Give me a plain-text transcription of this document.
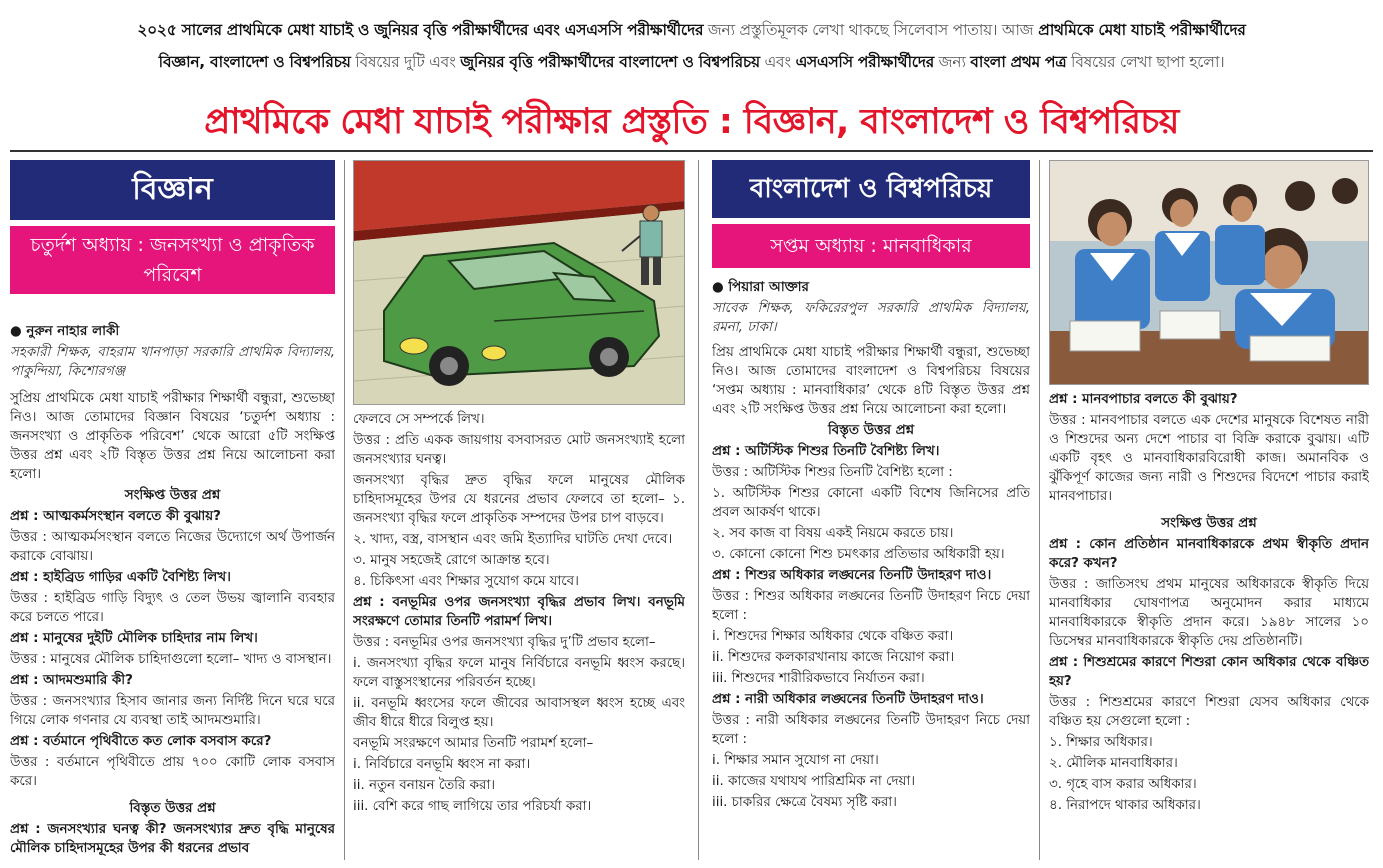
২০২৫ সালের প্রাথমিকে মেধা যাচাই ও জুনিয়র বৃত্তি পরীক্ষার্থীদের এবং এসএসসি পরীক্ষার্থীদের জন্য প্রস্তুতিমূলক লেখা থাকছে সিলেবাস পাতায়। আজ প্রাথমিকে মেধা যাচাই পরীক্ষার্থীদের
বিজ্ঞান, বাংলাদেশ ও বিশ্বপরিচয় বিষয়ের দুটি এবং জুনিয়র বৃত্তি পরীক্ষার্থীদের বাংলাদেশ ও বিশ্বপরিচয় এবং এসএসসি পরীক্ষার্থীদের জন্য বাংলা প্রথম পত্র বিষয়ের লেখা ছাপা হলো।
প্রাথমিকে মেধা যাচাই পরীক্ষার প্রস্তুতি : বিজ্ঞান, বাংলাদেশ ও বিশ্বপরিচয়
বিজ্ঞান
চতুর্দশ অধ্যায় : জনসংখ্যা ও প্রাকৃতিক পরিবেশ

● নুরুন নাহার লাকী

সহকারী শিক্ষক, বাহরাম খানপাড়া সরকারি প্রাথমিক বিদ্যালয়, পাকুন্দিয়া, কিশোরগঞ্জ

সুপ্রিয় প্রাথমিকে মেধা যাচাই পরীক্ষার শিক্ষার্থী বন্ধুরা, শুভেচ্ছা নিও। আজ তোমাদের বিজ্ঞান বিষয়ের ‘চতুর্দশ অধ্যায় : জনসংখ্যা ও প্রাকৃতিক পরিবেশ’ থেকে আরো ৫টি সংক্ষিপ্ত উত্তর প্রশ্ন এবং ২টি বিস্তৃত উত্তর প্রশ্ন নিয়ে আলোচনা করা হলো।

সংক্ষিপ্ত উত্তর প্রশ্ন

প্রশ্ন : আত্মকর্মসংস্থান বলতে কী বুঝায়?

উত্তর : আত্মকর্মসংস্থান বলতে নিজের উদ্যোগে অর্থ উপার্জন করাকে বোঝায়।

প্রশ্ন : হাইব্রিড গাড়ির একটি বৈশিষ্ট্য লিখ।

উত্তর : হাইব্রিড গাড়ি বিদ্যুৎ ও তেল উভয় জ্বালানি ব্যবহার করে চলতে পারে।

প্রশ্ন : মানুষের দুইটি মৌলিক চাহিদার নাম লিখ।

উত্তর : মানুষের মৌলিক চাহিদাগুলো হলো– খাদ্য ও বাসস্থান।

প্রশ্ন : আদমশুমারি কী?

উত্তর : জনসংখ্যার হিসাব জানার জন্য নির্দিষ্ট দিনে ঘরে ঘরে গিয়ে লোক গণনার যে ব্যবস্থা তাই আদমশুমারি।

প্রশ্ন : বর্তমানে পৃথিবীতে কত লোক বসবাস করে?

উত্তর : বর্তমানে পৃথিবীতে প্রায় ৭০০ কোটি লোক বসবাস করে।

বিস্তৃত উত্তর প্রশ্ন

প্রশ্ন : জনসংখ্যার ঘনত্ব কী? জনসংখ্যার দ্রুত বৃদ্ধি মানুষের মৌলিক চাহিদাসমূহের উপর কী ধরনের প্রভাব

ফেলবে সে সম্পর্কে লিখ।

উত্তর : প্রতি একক জায়গায় বসবাসরত মোট জনসংখ্যাই হলো জনসংখ্যার ঘনত্ব।

জনসংখ্যা বৃদ্ধির দ্রুত বৃদ্ধির ফলে মানুষের মৌলিক চাহিদাসমূহের উপর যে ধরনের প্রভাব ফেলবে তা হলো– ১. জনসংখ্যা বৃদ্ধির ফলে প্রাকৃতিক সম্পদের উপর চাপ বাড়বে।

২. খাদ্য, বস্ত্র, বাসস্থান এবং জমি ইত্যাদির ঘাটতি দেখা দেবে।

৩. মানুষ সহজেই রোগে আক্রান্ত হবে।

৪. চিকিৎসা এবং শিক্ষার সুযোগ কমে যাবে।

প্রশ্ন : বনভূমির ওপর জনসংখ্যা বৃদ্ধির প্রভাব লিখ। বনভূমি সংরক্ষণে তোমার তিনটি পরামর্শ লিখ।

উত্তর : বনভূমির ওপর জনসংখ্যা বৃদ্ধির দু’টি প্রভাব হলো–

i. জনসংখ্যা বৃদ্ধির ফলে মানুষ নির্বিচারে বনভূমি ধ্বংস করছে। ফলে বাস্তুসংস্থানের পরিবর্তন হচ্ছে।

ii. বনভূমি ধ্বংসের ফলে জীবের আবাসস্থল ধ্বংস হচ্ছে এবং জীব ধীরে ধীরে বিলুপ্ত হয়।

বনভূমি সংরক্ষণে আমার তিনটি পরামর্শ হলো–

i. নির্বিচারে বনভূমি ধ্বংস না করা।

ii. নতুন বনায়ন তৈরি করা।

iii. বেশি করে গাছ লাগিয়ে তার পরিচর্যা করা।

বাংলাদেশ ও বিশ্বপরিচয়
সপ্তম অধ্যায় : মানবাধিকার

● পিয়ারা আক্তার

সাবেক শিক্ষক, ফকিরেরপুল সরকারি প্রাথমিক বিদ্যালয়, রমনা, ঢাকা।

প্রিয় প্রাথমিকে মেধা যাচাই পরীক্ষার শিক্ষার্থী বন্ধুরা, শুভেচ্ছা নিও। আজ তোমাদের বাংলাদেশ ও বিশ্বপরিচয় বিষয়ের ‘সপ্তম অধ্যায় : মানবাধিকার’ থেকে ৪টি বিস্তৃত উত্তর প্রশ্ন এবং ২টি সংক্ষিপ্ত উত্তর প্রশ্ন নিয়ে আলোচনা করা হলো।

বিস্তৃত উত্তর প্রশ্ন

প্রশ্ন : অটিস্টিক শিশুর তিনটি বৈশিষ্ট্য লিখ।

উত্তর : অটিস্টিক শিশুর তিনটি বৈশিষ্ট্য হলো :

১. অটিস্টিক শিশুর কোনো একটি বিশেষ জিনিসের প্রতি প্রবল আকর্ষণ থাকে।

২. সব কাজ বা বিষয় একই নিয়মে করতে চায়।

৩. কোনো কোনো শিশু চমৎকার প্রতিভার অধিকারী হয়।

প্রশ্ন : শিশুর অধিকার লঙ্ঘনের তিনটি উদাহরণ দাও।

উত্তর : শিশুর অধিকার লঙ্ঘনের তিনটি উদাহরণ নিচে দেয়া হলো :

i. শিশুদের শিক্ষার অধিকার থেকে বঞ্চিত করা।

ii. শিশুদের কলকারখানায় কাজে নিয়োগ করা।

iii. শিশুদের শারীরিকভাবে নির্যাতন করা।

প্রশ্ন : নারী অধিকার লঙ্ঘনের তিনটি উদাহরণ দাও।

উত্তর : নারী অধিকার লঙ্ঘনের তিনটি উদাহরণ নিচে দেয়া হলো :

i. শিক্ষার সমান সুযোগ না দেয়া।

ii. কাজের যথাযথ পারিশ্রমিক না দেয়া।

iii. চাকরির ক্ষেত্রে বৈষম্য সৃষ্টি করা।

প্রশ্ন : মানবপাচার বলতে কী বুঝায়?

উত্তর : মানবপাচার বলতে এক দেশের মানুষকে বিশেষত নারী ও শিশুদের অন্য দেশে পাচার বা বিক্রি করাকে বুঝায়। এটি একটি বৃহৎ ও মানবাধিকারবিরোধী কাজ। অমানবিক ও ঝুঁকিপূর্ণ কাজের জন্য নারী ও শিশুদের বিদেশে পাচার করাই মানবপাচার।

সংক্ষিপ্ত উত্তর প্রশ্ন

প্রশ্ন : কোন প্রতিষ্ঠান মানবাধিকারকে প্রথম স্বীকৃতি প্রদান করে? কখন?

উত্তর : জাতিসংঘ প্রথম মানুষের অধিকারকে স্বীকৃতি দিয়ে মানবাধিকার ঘোষণাপত্র অনুমোদন করার মাধ্যমে মানবাধিকারকে স্বীকৃতি প্রদান করে। ১৯৪৮ সালের ১০ ডিসেম্বর মানবাধিকারকে স্বীকৃতি দেয় প্রতিষ্ঠানটি।

প্রশ্ন : শিশুশ্রমের কারণে শিশুরা কোন অধিকার থেকে বঞ্চিত হয়?

উত্তর : শিশুশ্রমের কারণে শিশুরা যেসব অধিকার থেকে বঞ্চিত হয় সেগুলো হলো :

১. শিক্ষার অধিকার।

২. মৌলিক মানবাধিকার।

৩. গৃহে বাস করার অধিকার।

৪. নিরাপদে থাকার অধিকার।
